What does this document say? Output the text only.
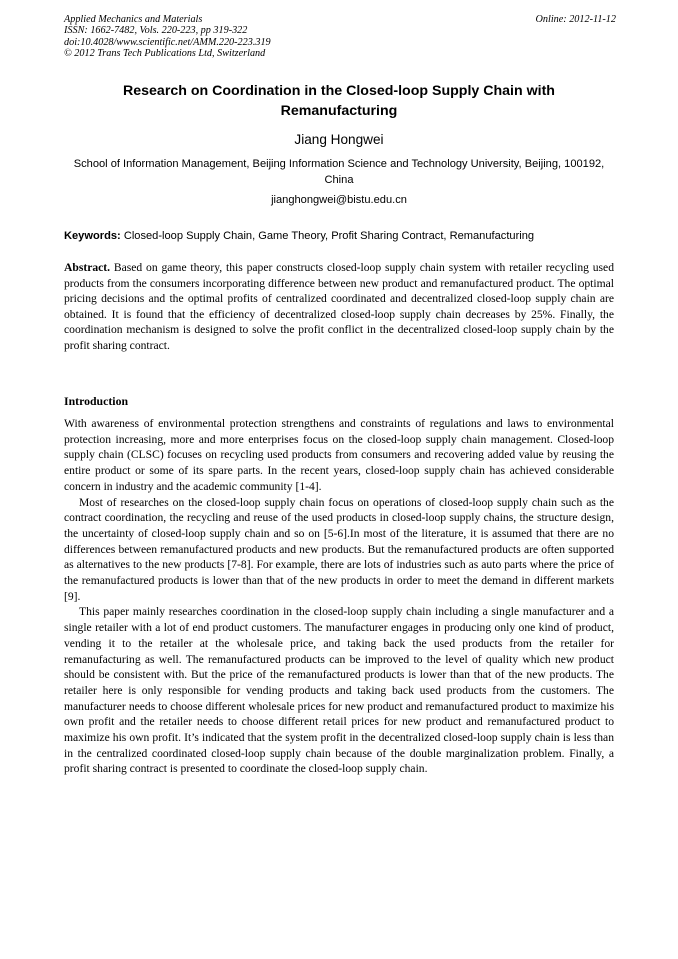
Applied Mechanics and Materials
ISSN: 1662-7482, Vols. 220-223, pp 319-322
doi:10.4028/www.scientific.net/AMM.220-223.319
© 2012 Trans Tech Publications Ltd, Switzerland
Online: 2012-11-12
Research on Coordination in the Closed-loop Supply Chain with Remanufacturing
Jiang Hongwei
School of Information Management, Beijing Information Science and Technology University, Beijing, 100192, China
jianghongwei@bistu.edu.cn
Keywords: Closed-loop Supply Chain, Game Theory, Profit Sharing Contract, Remanufacturing
Abstract. Based on game theory, this paper constructs closed-loop supply chain system with retailer recycling used products from the consumers incorporating difference between new product and remanufactured product. The optimal pricing decisions and the optimal profits of centralized coordinated and decentralized closed-loop supply chain are obtained. It is found that the efficiency of decentralized closed-loop supply chain decreases by 25%. Finally, the coordination mechanism is designed to solve the profit conflict in the decentralized closed-loop supply chain by the profit sharing contract.
Introduction

With awareness of environmental protection strengthens and constraints of regulations and laws to environmental protection increasing, more and more enterprises focus on the closed-loop supply chain management. Closed-loop supply chain (CLSC) focuses on recycling used products from consumers and recovering added value by reusing the entire product or some of its spare parts. In the recent years, closed-loop supply chain has achieved considerable concern in industry and the academic community [1-4].

Most of researches on the closed-loop supply chain focus on operations of closed-loop supply chain such as the contract coordination, the recycling and reuse of the used products in closed-loop supply chains, the structure design, the uncertainty of closed-loop supply chain and so on [5-6].In most of the literature, it is assumed that there are no differences between remanufactured products and new products. But the remanufactured products are often supported as alternatives to the new products [7-8]. For example, there are lots of industries such as auto parts where the price of the remanufactured products is lower than that of the new products in order to meet the demand in different markets [9].

This paper mainly researches coordination in the closed-loop supply chain including a single manufacturer and a single retailer with a lot of end product customers. The manufacturer engages in producing only one kind of product, vending it to the retailer at the wholesale price, and taking back the used products from the retailer for remanufacturing as well. The remanufactured products can be improved to the level of quality which new product should be consistent with. But the price of the remanufactured products is lower than that of the new products. The retailer here is only responsible for vending products and taking back used products from the customers. The manufacturer needs to choose different wholesale prices for new product and remanufactured product to maximize his own profit and the retailer needs to choose different retail prices for new product and remanufactured product to maximize his own profit. It’s indicated that the system profit in the decentralized closed-loop supply chain is less than in the centralized coordinated closed-loop supply chain because of the double marginalization problem. Finally, a profit sharing contract is presented to coordinate the closed-loop supply chain.
